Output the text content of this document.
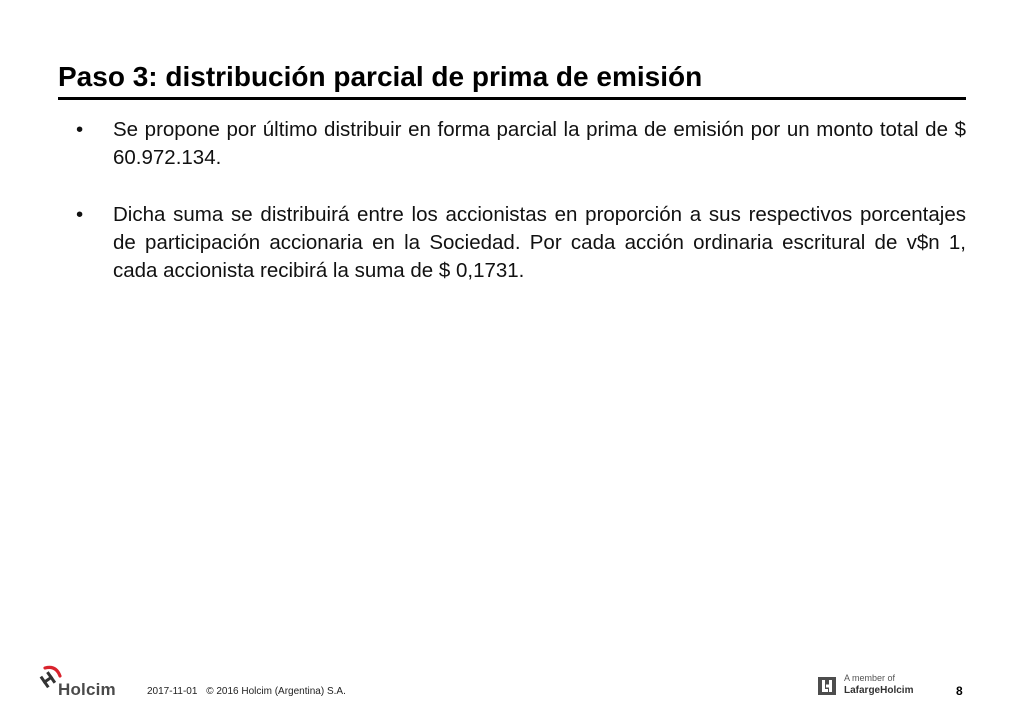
Paso 3: distribución parcial de prima de emisión
• Se propone por último distribuir en forma parcial la prima de emisión por un monto total de $ 60.972.134.
• Dicha suma se distribuirá entre los accionistas en proporción a sus respectivos porcentajes de participación accionaria en la Sociedad. Por cada acción ordinaria escritural de v$n 1, cada accionista recibirá la suma de $ 0,1731.
Holcim	2017-11-01 © 2016 Holcim (Argentina) S.A.
A member of
LafargeHolcim	8
